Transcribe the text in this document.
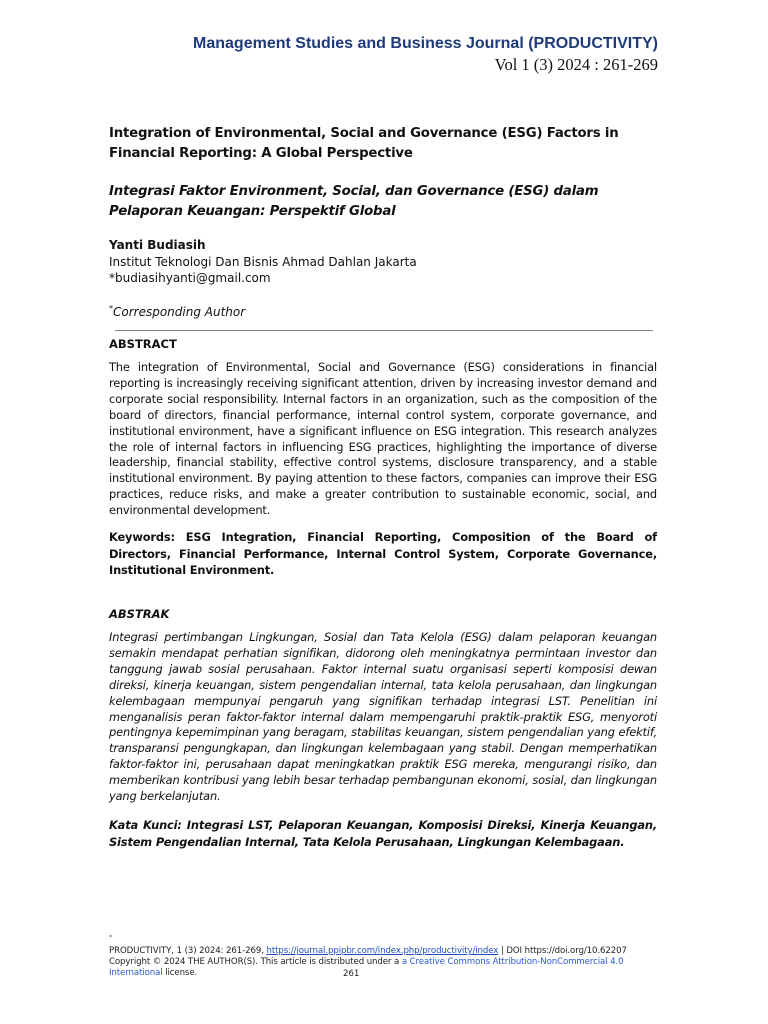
Management Studies and Business Journal (PRODUCTIVITY)
Vol 1 (3) 2024 : 261-269
Integration of Environmental, Social and Governance (ESG) Factors in Financial Reporting: A Global Perspective
Integrasi Faktor Environment, Social, dan Governance (ESG) dalam Pelaporan Keuangan: Perspektif Global
Yanti Budiasih
Institut Teknologi Dan Bisnis Ahmad Dahlan Jakarta
*budiasihyanti@gmail.com
*Corresponding Author
ABSTRACT
The integration of Environmental, Social and Governance (ESG) considerations in financial reporting is increasingly receiving significant attention, driven by increasing investor demand and corporate social responsibility. Internal factors in an organization, such as the composition of the board of directors, financial performance, internal control system, corporate governance, and institutional environment, have a significant influence on ESG integration. This research analyzes the role of internal factors in influencing ESG practices, highlighting the importance of diverse leadership, financial stability, effective control systems, disclosure transparency, and a stable institutional environment. By paying attention to these factors, companies can improve their ESG practices, reduce risks, and make a greater contribution to sustainable economic, social, and environmental development.
Keywords: ESG Integration, Financial Reporting, Composition of the Board of Directors, Financial Performance, Internal Control System, Corporate Governance, Institutional Environment.
ABSTRAK
Integrasi pertimbangan Lingkungan, Sosial dan Tata Kelola (ESG) dalam pelaporan keuangan semakin mendapat perhatian signifikan, didorong oleh meningkatnya permintaan investor dan tanggung jawab sosial perusahaan. Faktor internal suatu organisasi seperti komposisi dewan direksi, kinerja keuangan, sistem pengendalian internal, tata kelola perusahaan, dan lingkungan kelembagaan mempunyai pengaruh yang signifikan terhadap integrasi LST. Penelitian ini menganalisis peran faktor-faktor internal dalam mempengaruhi praktik-praktik ESG, menyoroti pentingnya kepemimpinan yang beragam, stabilitas keuangan, sistem pengendalian yang efektif, transparansi pengungkapan, dan lingkungan kelembagaan yang stabil. Dengan memperhatikan faktor-faktor ini, perusahaan dapat meningkatkan praktik ESG mereka, mengurangi risiko, dan memberikan kontribusi yang lebih besar terhadap pembangunan ekonomi, sosial, dan lingkungan yang berkelanjutan.
Kata Kunci: Integrasi LST, Pelaporan Keuangan, Komposisi Direksi, Kinerja Keuangan, Sistem Pengendalian Internal, Tata Kelola Perusahaan, Lingkungan Kelembagaan.
*
PRODUCTIVITY, 1 (3) 2024: 261-269, https://journal.ppipbr.com/index.php/productivity/index | DOI https://doi.org/10.62207
Copyright © 2024 THE AUTHOR(S). This article is distributed under a a Creative Commons Attribution-NonCommercial 4.0 International license.	261
